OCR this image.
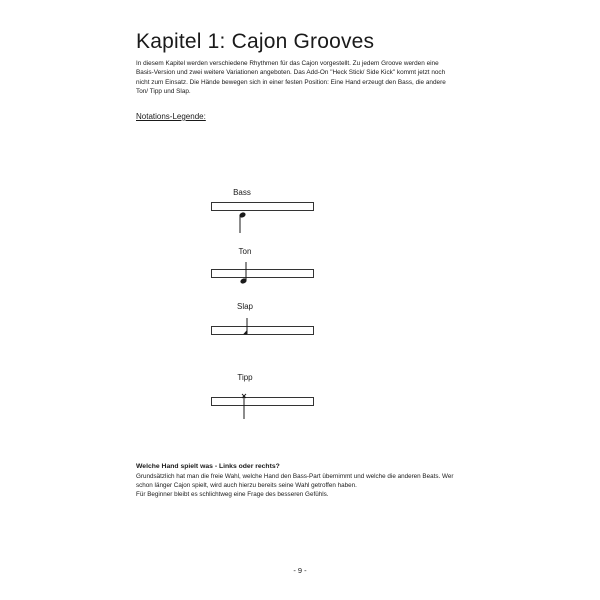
Kapitel 1: Cajon Grooves

In diesem Kapitel werden verschiedene Rhythmen für das Cajon vorgestellt. Zu jedem Groove werden eine Basis-Version und zwei weitere Variationen angeboten. Das Add-On "Heck Stick/ Side Kick" kommt jetzt noch nicht zum Einsatz. Die Hände bewegen sich in einer festen Position: Eine Hand erzeugt den Bass, die andere Ton/ Tipp und Slap.

Notations-Legende:

Bass
Ton
Slap
Tipp

Welche Hand spielt was - Links oder rechts?

Grundsätzlich hat man die freie Wahl, welche Hand den Bass-Part übernimmt und welche die anderen Beats. Wer schon länger Cajon spielt, wird auch hierzu bereits seine Wahl getroffen haben.

Für Beginner bleibt es schlichtweg eine Frage des besseren Gefühls.

- 9 -
